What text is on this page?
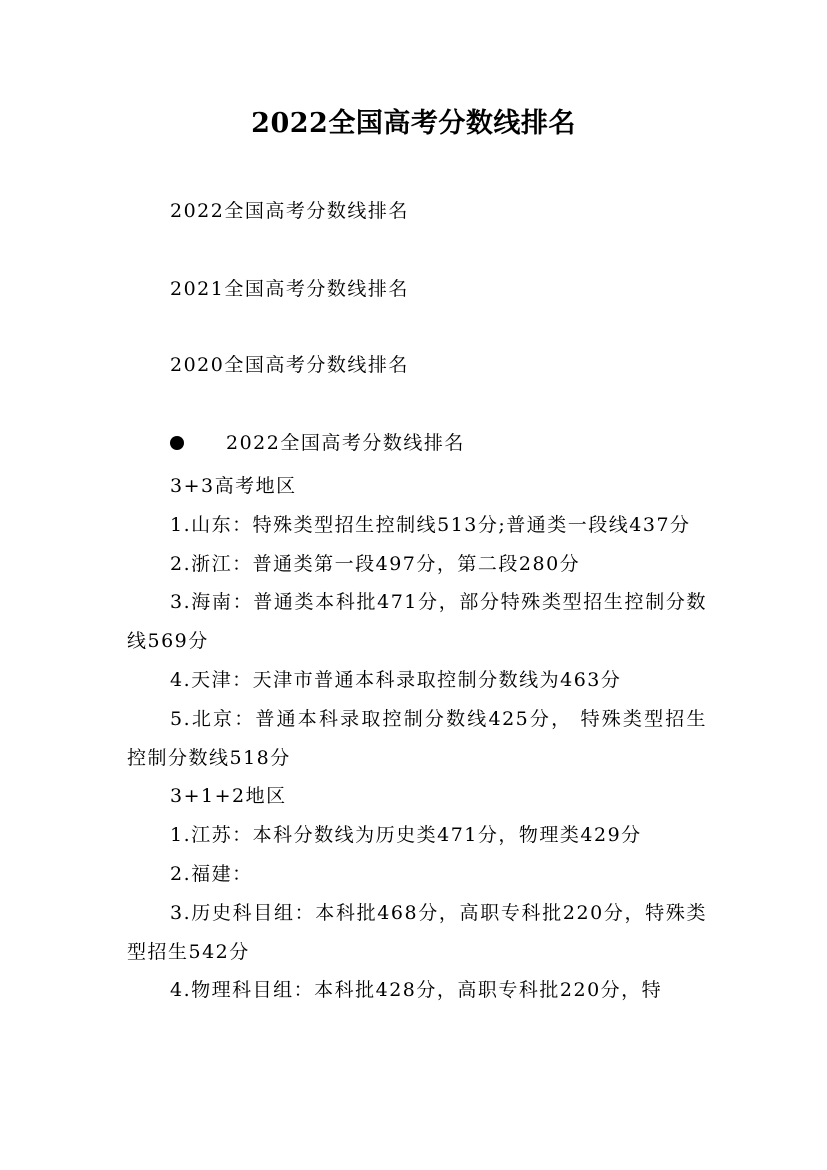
2022全国高考分数线排名
2022全国高考分数线排名
2021全国高考分数线排名
2020全国高考分数线排名
2022全国高考分数线排名

3+3高考地区

1.山东：特殊类型招生控制线513分;普通类一段线437分

2.浙江：普通类第一段497分，第二段280分

3.海南：普通类本科批471分，部分特殊类型招生控制分数线569分

4.天津：天津市普通本科录取控制分数线为463分

5.北京：普通本科录取控制分数线425分， 特殊类型招生控制分数线518分

3+1+2地区

1.江苏：本科分数线为历史类471分，物理类429分

2.福建：

3.历史科目组：本科批468分，高职专科批220分，特殊类型招生542分

4.物理科目组：本科批428分，高职专科批220分，特
